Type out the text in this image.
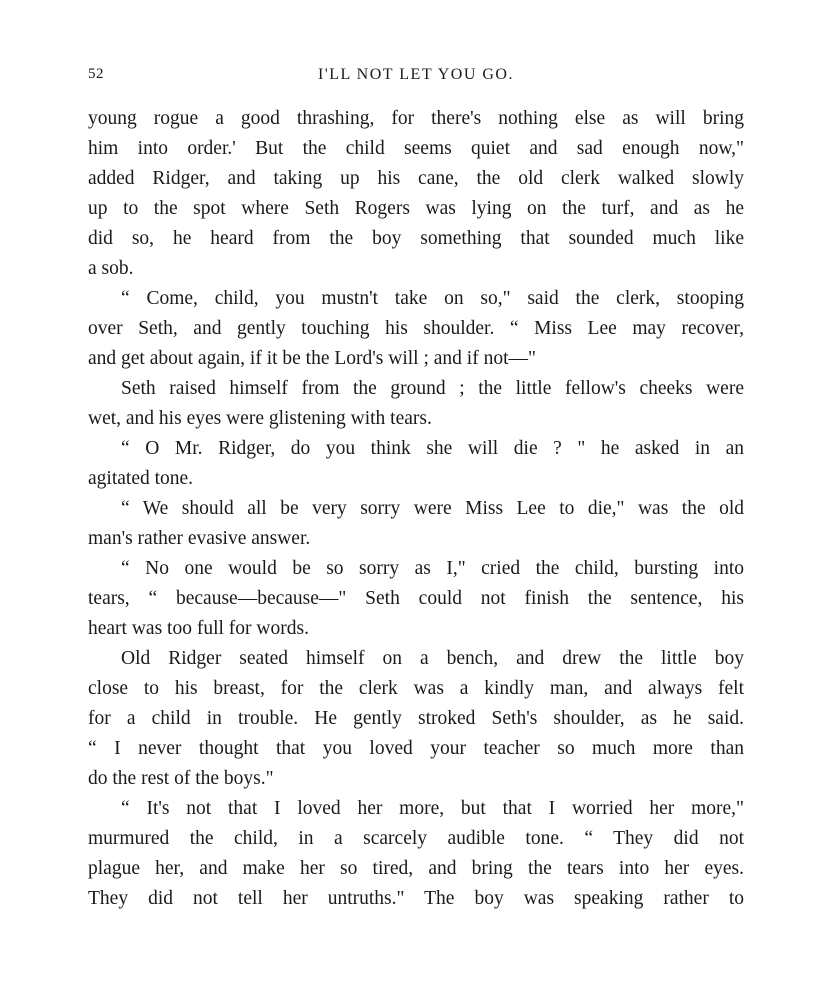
52	I'LL NOT LET YOU GO.
young rogue a good thrashing, for there's nothing else as will bring
him into order.' But the child seems quiet and sad enough now,"
added Ridger, and taking up his cane, the old clerk walked slowly
up to the spot where Seth Rogers was lying on the turf, and as he
did so, he heard from the boy something that sounded much like
a sob.
“ Come, child, you mustn't take on so," said the clerk, stooping
over Seth, and gently touching his shoulder. “ Miss Lee may recover,
and get about again, if it be the Lord's will ; and if not—"
Seth raised himself from the ground ; the little fellow's cheeks were
wet, and his eyes were glistening with tears.
“ O Mr. Ridger, do you think she will die ? " he asked in an
agitated tone.
“ We should all be very sorry were Miss Lee to die," was the old
man's rather evasive answer.
“ No one would be so sorry as I," cried the child, bursting into
tears, “ because—because—" Seth could not finish the sentence, his
heart was too full for words.
Old Ridger seated himself on a bench, and drew the little boy
close to his breast, for the clerk was a kindly man, and always felt
for a child in trouble. He gently stroked Seth's shoulder, as he said.
“ I never thought that you loved your teacher so much more than
do the rest of the boys."
“ It's not that I loved her more, but that I worried her more,"
murmured the child, in a scarcely audible tone. “ They did not
plague her, and make her so tired, and bring the tears into her eyes.
They did not tell her untruths." The boy was speaking rather to
